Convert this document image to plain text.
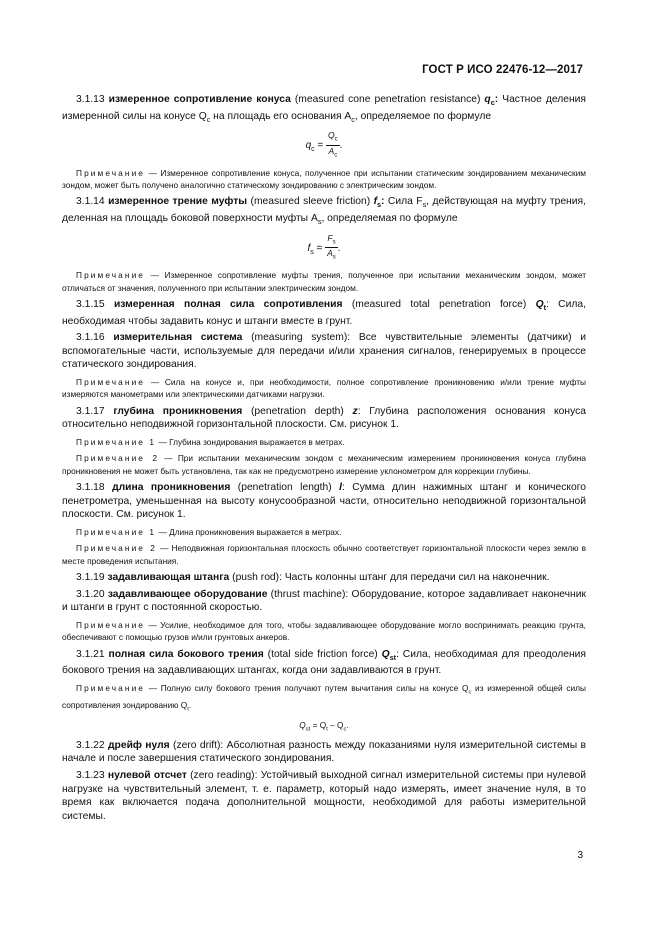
ГОСТ Р ИСО 22476-12—2017

3.1.13 измеренное сопротивление конуса (measured cone penetration resistance) $q_c$: Частное деления измеренной силы на конусе $Q_c$ на площадь его основания $A_c$, определяемое по формуле

$q_c = \frac{Q_c}{A_c}$ .

Примечание — Измеренное сопротивление конуса, полученное при испытании статическим зондированием механическим зондом, может быть получено аналогично статическому зондированию с электрическим зондом.

3.1.14 измеренное трение муфты (measured sleeve friction) $f_s$: Сила $F_s$, действующая на муфту трения, деленная на площадь боковой поверхности муфты $A_s$, определяемая по формуле

$f_s = \frac{F_s}{A_s}$ .

Примечание — Измеренное сопротивление муфты трения, полученное при испытании механическим зондом, может отличаться от значения, полученного при испытании электрическим зондом.

3.1.15 измеренная полная сила сопротивления (measured total penetration force) $Q_t$: Сила, необходимая чтобы задавить конус и штанги вместе в грунт.

3.1.16 измерительная система (measuring system): Все чувствительные элементы (датчики) и вспомогательные части, используемые для передачи и/или хранения сигналов, генерируемых в процессе статического зондирования.

Примечание — Сила на конусе и, при необходимости, полное сопротивление проникновению и/или трение муфты измеряются манометрами или электрическими датчиками нагрузки.

3.1.17 глубина проникновения (penetration depth) z: Глубина расположения основания конуса относительно неподвижной горизонтальной плоскости. См. рисунок 1.

Примечание 1 — Глубина зондирования выражается в метрах.

Примечание 2 — При испытании механическим зондом с механическим измерением проникновения конуса глубина проникновения не может быть установлена, так как не предусмотрено измерение уклонометром для коррекции глубины.

3.1.18 длина проникновения (penetration length) l: Сумма длин нажимных штанг и конического пенетрометра, уменьшенная на высоту конусообразной части, относительно неподвижной горизонтальной плоскости. См. рисунок 1.

Примечание 1 — Длина проникновения выражается в метрах.

Примечание 2 — Неподвижная горизонтальная плоскость обычно соответствует горизонтальной плоскости через землю в месте проведения испытания.

3.1.19 задавливающая штанга (push rod): Часть колонны штанг для передачи сил на наконечник.

3.1.20 задавливающее оборудование (thrust machine): Оборудование, которое задавливает наконечник и штанги в грунт с постоянной скоростью.

Примечание — Усилие, необходимое для того, чтобы задавливающее оборудование могло воспринимать реакцию грунта, обеспечивают с помощью грузов и/или грунтовых анкеров.

3.1.21 полная сила бокового трения (total side friction force) $Q_{st}$: Сила, необходимая для преодоления бокового трения на задавливающих штангах, когда они задавливаются в грунт.

Примечание — Полную силу бокового трения получают путем вычитания силы на конусе $Q_c$ из измеренной общей силы сопротивления зондированию $Q_t$.

$Q_{st} = Q_t - Q_c$.

3.1.22 дрейф нуля (zero drift): Абсолютная разность между показаниями нуля измерительной системы в начале и после завершения статического зондирования.

3.1.23 нулевой отсчет (zero reading): Устойчивый выходной сигнал измерительной системы при нулевой нагрузке на чувствительный элемент, т. е. параметр, который надо измерять, имеет значение нуля, в то время как включается подача дополнительной мощности, необходимой для работы измерительной системы.

3
